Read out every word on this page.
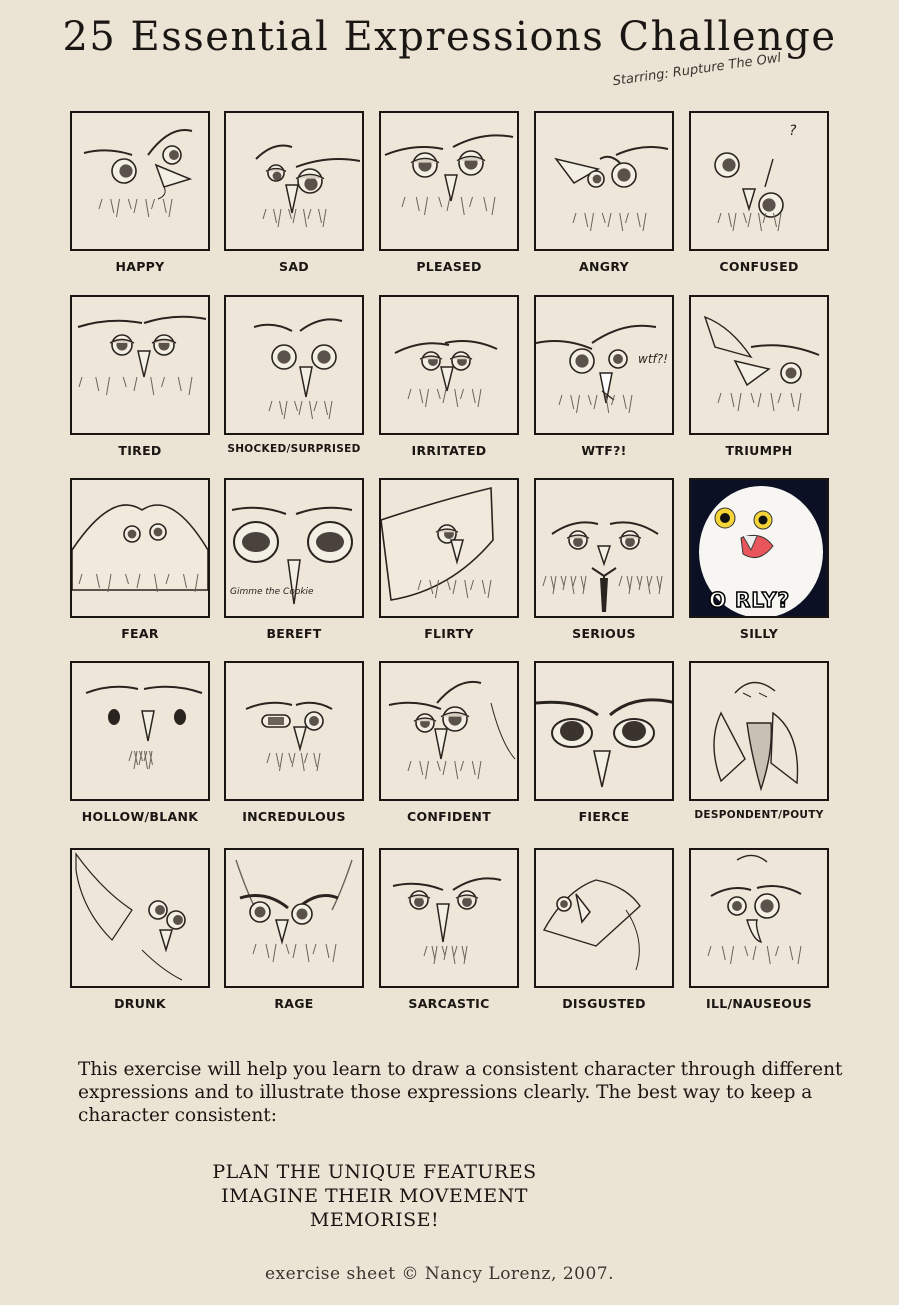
25 Essential Expressions Challenge
Starring: Rupture The Owl
HAPPY	SAD	PLEASED	ANGRY
?
CONFUSED
TIRED	SHOCKED/SURPRISED	IRRITATED
wtf?!
WTF?!	TRIUMPH
FEAR
Gimme the Cookie
BEREFT	FLIRTY	SERIOUS
O RLY?
SILLY
HOLLOW/BLANK	INCREDULOUS	CONFIDENT	FIERCE	DESPONDENT/POUTY
DRUNK	RAGE	SARCASTIC	DISGUSTED	ILL/NAUSEOUS
This exercise will help you learn to draw a consistent character through different expressions and to illustrate those expressions clearly. The best way to keep a character consistent:
PLAN THE UNIQUE FEATURES
IMAGINE THEIR MOVEMENT
MEMORISE!
exercise sheet © Nancy Lorenz, 2007.
